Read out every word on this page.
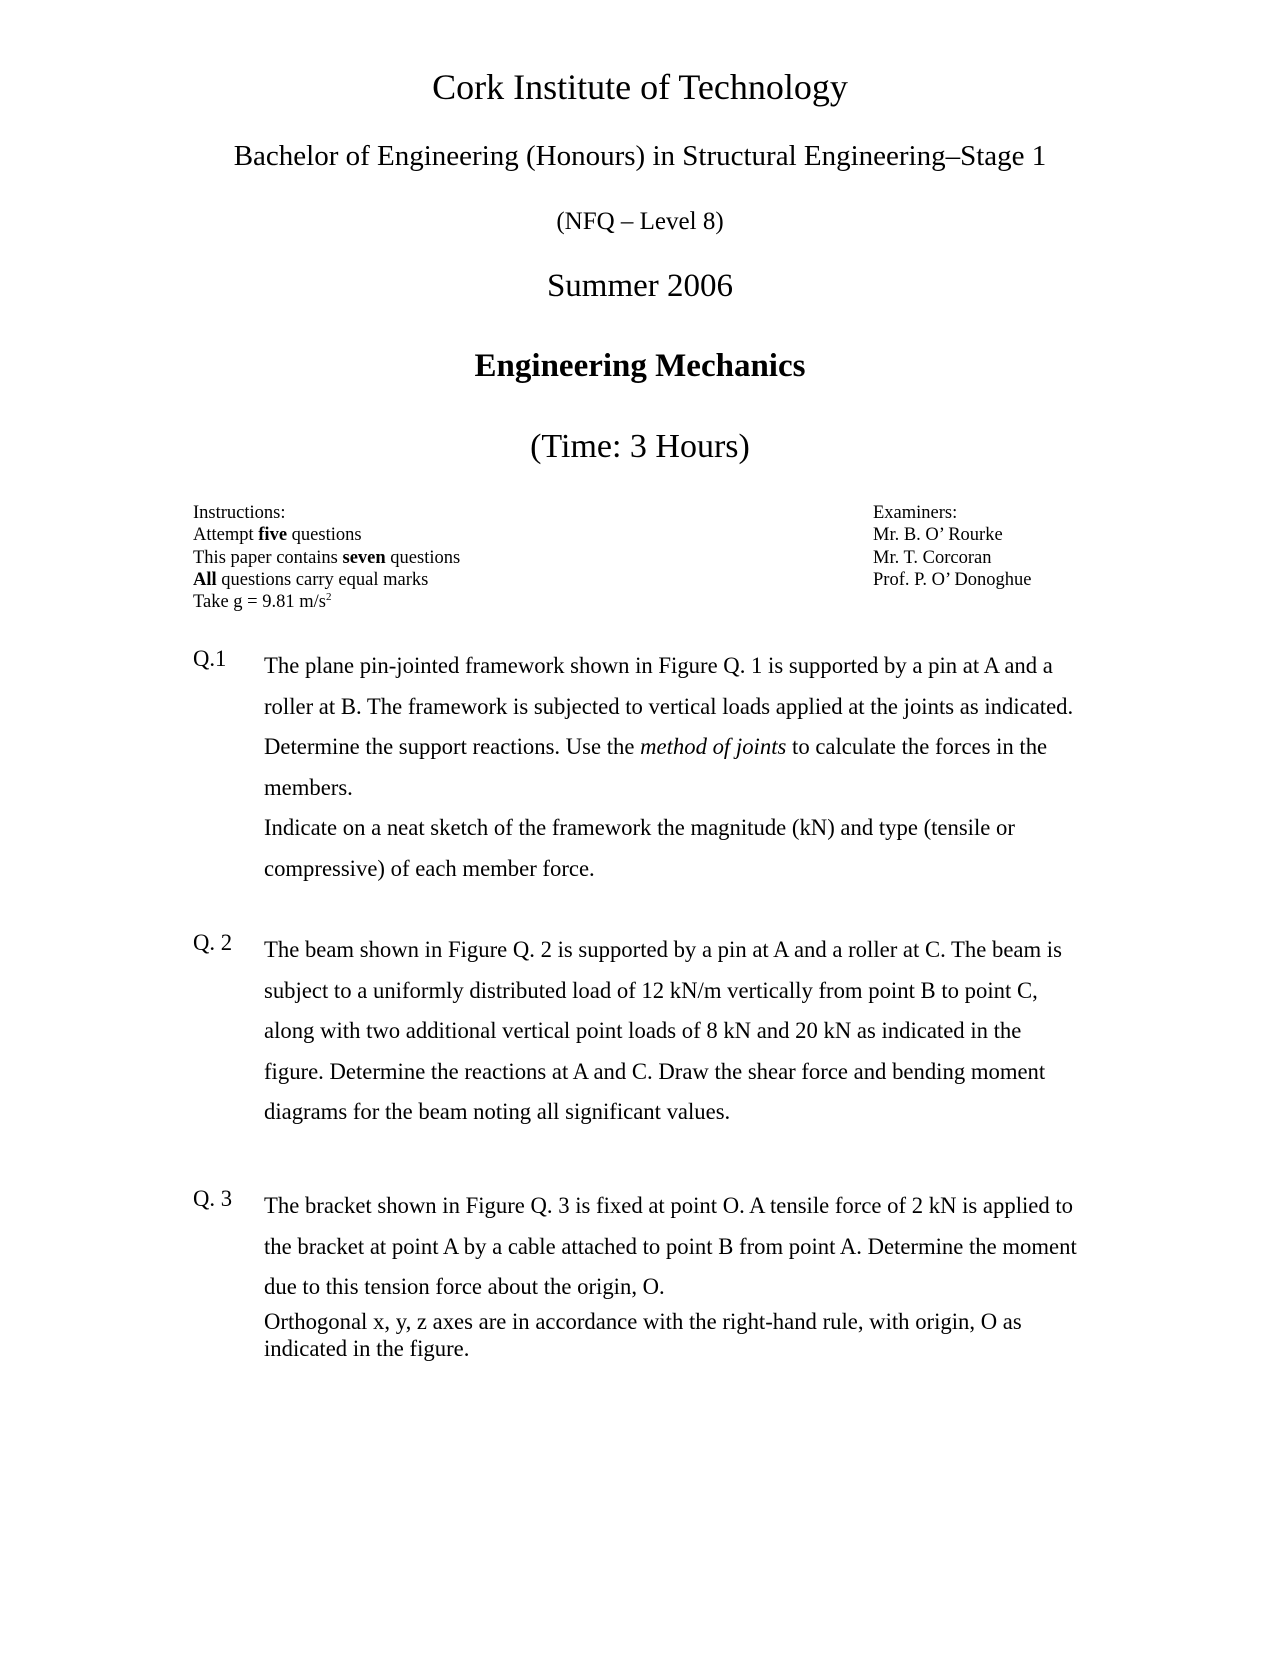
Cork Institute of Technology
Bachelor of Engineering (Honours) in Structural Engineering–Stage 1
(NFQ – Level 8)
Summer 2006
Engineering Mechanics
(Time: 3 Hours)
Instructions:
Attempt five questions
This paper contains seven questions
All questions carry equal marks
Take g = 9.81 $m/s^2$
Examiners:
Mr. B. O’ Rourke
Mr. T. Corcoran
Prof. P. O’ Donoghue
Q.1	The plane pin-jointed framework shown in Figure Q. 1 is supported by a pin at A and a roller at B. The framework is subjected to vertical loads applied at the joints as indicated. Determine the support reactions. Use the method of joints to calculate the forces in the members.

Indicate on a neat sketch of the framework the magnitude (kN) and type (tensile or compressive) of each member force.

Q. 2	The beam shown in Figure Q. 2 is supported by a pin at A and a roller at C. The beam is subject to a uniformly distributed load of 12 kN/m vertically from point B to point C, along with two additional vertical point loads of 8 kN and 20 kN as indicated in the figure. Determine the reactions at A and C. Draw the shear force and bending moment diagrams for the beam noting all significant values.

Q. 3	The bracket shown in Figure Q. 3 is fixed at point O. A tensile force of 2 kN is applied to the bracket at point A by a cable attached to point B from point A. Determine the moment due to this tension force about the origin, O.

Orthogonal x, y, z axes are in accordance with the right-hand rule, with origin, O as indicated in the figure.
